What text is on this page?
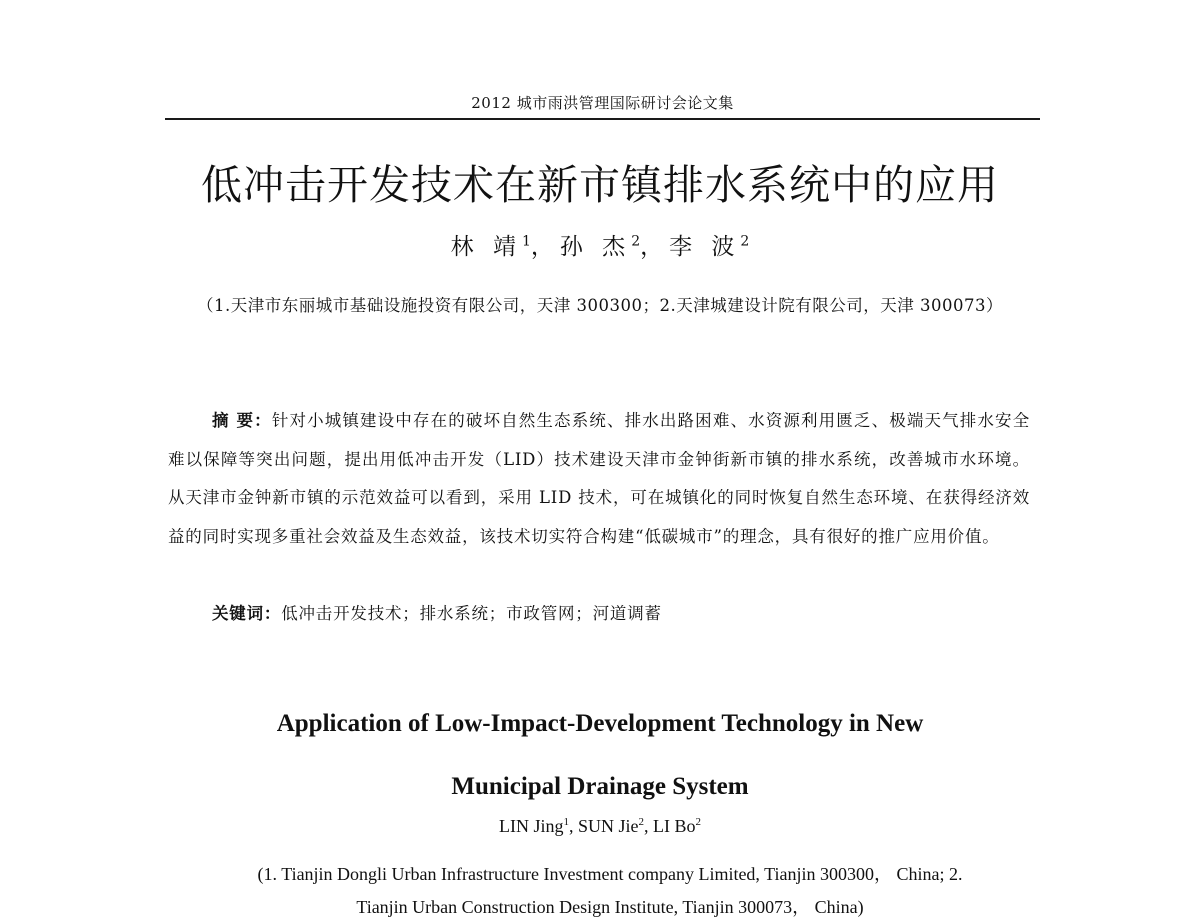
2012 城市雨洪管理国际研讨会论文集
低冲击开发技术在新市镇排水系统中的应用
林 靖$^1$，孙 杰$^2$，李 波$^2$
（1.天津市东丽城市基础设施投资有限公司，天津 300300；2.天津城建设计院有限公司，天津 300073）

摘 要：针对小城镇建设中存在的破坏自然生态系统、排水出路困难、水资源利用匮乏、极端天气排水安全难以保障等突出问题，提出用低冲击开发（LID）技术建设天津市金钟街新市镇的排水系统，改善城市水环境。从天津市金钟新市镇的示范效益可以看到，采用 LID 技术，可在城镇化的同时恢复自然生态环境、在获得经济效益的同时实现多重社会效益及生态效益，该技术切实符合构建“低碳城市”的理念，具有很好的推广应用价值。

关键词：低冲击开发技术；排水系统；市政管网；河道调蓄
Application of Low-Impact-Development Technology in New
Municipal Drainage System
LIN Jing$^1$, SUN Jie$^2$, LI Bo$^2$
(1. Tianjin Dongli Urban Infrastructure Investment company Limited, Tianjin 300300， China; 2.
Tianjin Urban Construction Design Institute, Tianjin 300073， China)
